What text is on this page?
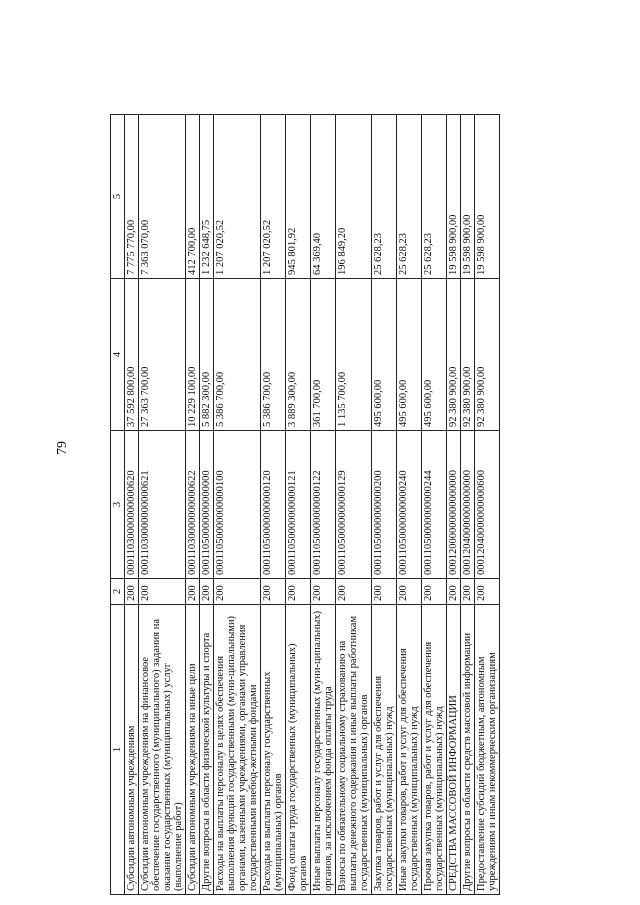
79
1	2	3	4	5
Субсидии автономным учреждениям	200	00011030000000000620	37 592 800,00	7 775 770,00
Субсидии автономным учреждениям на финансовое обеспечение государственного (муниципального) задания на оказание государственных (муниципальных) услуг (выполнение работ)	200	00011030000000000621	27 363 700,00	7 363 070,00
Субсидии автономным учреждениям на иные цели	200	00011030000000000622	10 229 100,00	412 700,00
Другие вопросы в области физической культуры и спорта	200	00011050000000000000	5 882 300,00	1 232 648,75
Расходы на выплаты персоналу в целях обеспечения выполнения функций государственными (муни-ципальными) органами, казенными учреждениями, органами управления государственными внебюд-жетными фондами	200	00011050000000000100	5 386 700,00	1 207 020,52
Расходы на выплаты персоналу государственных (муниципальных) органов	200	00011050000000000120	5 386 700,00	1 207 020,52
Фонд оплаты труда государственных (муниципальных) органов	200	00011050000000000121	3 889 300,00	945 801,92
Иные выплаты персоналу государственных (муни-ципальных) органов, за исключением фонда оплаты труда	200	00011050000000000122	361 700,00	64 369,40
Взносы по обязательному социальному страхованию на выплаты денежного содержания и иные выплаты работникам государственных (муниципальных) органов	200	00011050000000000129	1 135 700,00	196 849,20
Закупка товаров, работ и услуг для обеспечения государственных (муниципальных) нужд	200	00011050000000000200	495 600,00	25 628,23
Иные закупки товаров, работ и услуг для обеспечения государственных (муниципальных) нужд	200	00011050000000000240	495 600,00	25 628,23
Прочая закупка товаров, работ и услуг для обеспечения государственных (муниципальных) нужд	200	00011050000000000244	495 600,00	25 628,23
СРЕДСТВА МАССОВОЙ ИНФОРМАЦИИ	200	00012000000000000000	92 380 900,00	19 598 900,00
Другие вопросы в области средств массовой информации	200	00012040000000000000	92 380 900,00	19 598 900,00
Предоставление субсидий бюджетным, автономным учреждениям и иным некоммерческим организациям	200	00012040000000000600	92 380 900,00	19 598 900,00
